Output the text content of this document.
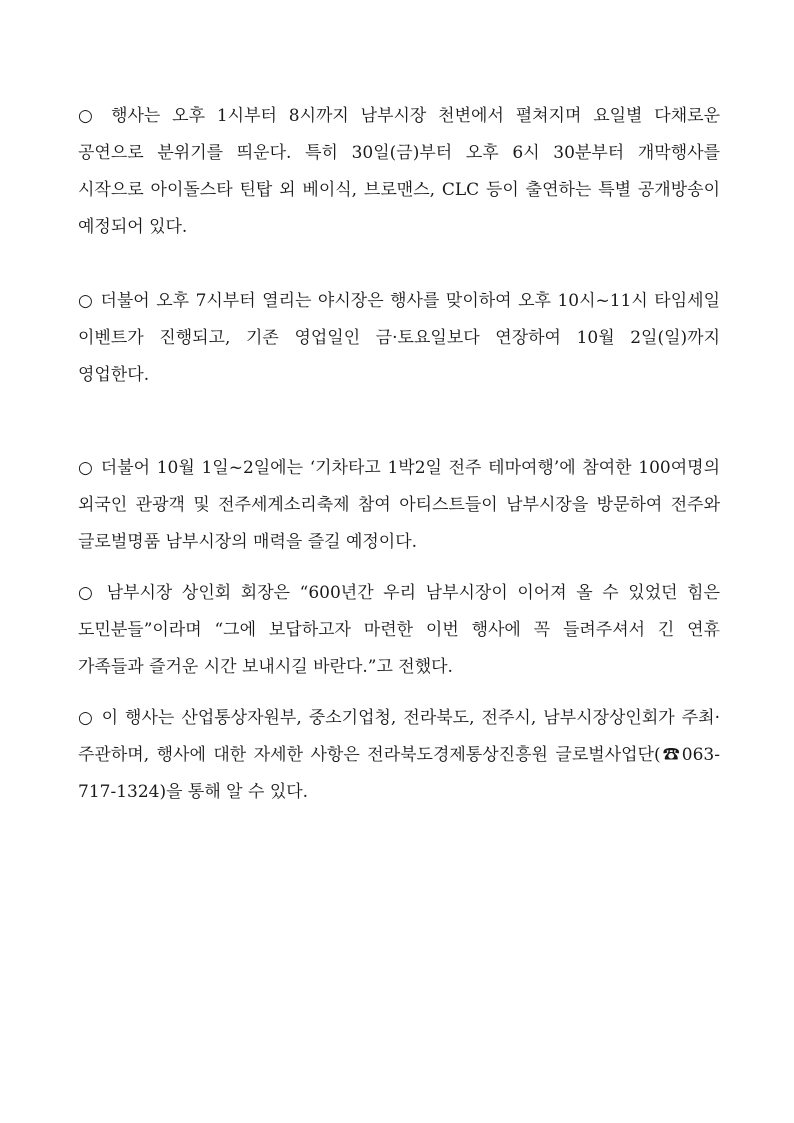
○ 행사는 오후 1시부터 8시까지 남부시장 천변에서 펼쳐지며 요일별 다채로운 공연으로 분위기를 띄운다. 특히 30일(금)부터 오후 6시 30분부터 개막행사를 시작으로 아이돌스타 틴탑 외 베이식, 브로맨스, CLC 등이 출연하는 특별 공개방송이 예정되어 있다.

○ 더불어 오후 7시부터 열리는 야시장은 행사를 맞이하여 오후 10시~11시 타임세일 이벤트가 진행되고, 기존 영업일인 금·토요일보다 연장하여 10월 2일(일)까지 영업한다.

○ 더불어 10월 1일~2일에는 ‘기차타고 1박2일 전주 테마여행’에 참여한 100여명의 외국인 관광객 및 전주세계소리축제 참여 아티스트들이 남부시장을 방문하여 전주와 글로벌명품 남부시장의 매력을 즐길 예정이다.

○ 남부시장 상인회 회장은 “600년간 우리 남부시장이 이어져 올 수 있었던 힘은 도민분들”이라며 “그에 보답하고자 마련한 이번 행사에 꼭 들려주셔서 긴 연휴 가족들과 즐거운 시간 보내시길 바란다.”고 전했다.

○ 이 행사는 산업통상자원부, 중소기업청, 전라북도, 전주시, 남부시장상인회가 주최·주관하며, 행사에 대한 자세한 사항은 전라북도경제통상진흥원 글로벌사업단(☎063-717-1324)을 통해 알 수 있다.
